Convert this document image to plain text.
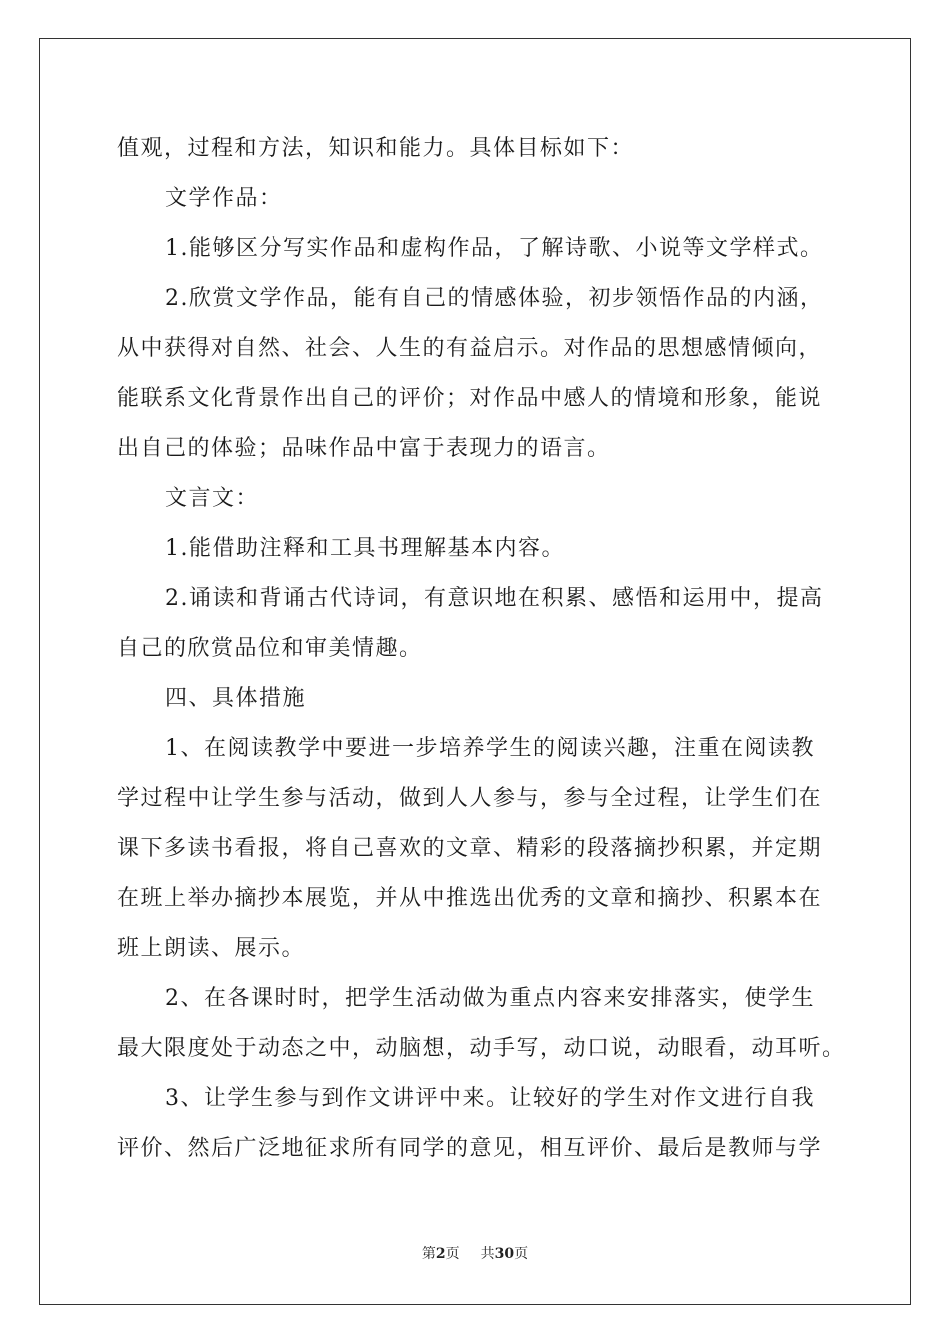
值观，过程和方法，知识和能力。具体目标如下：
文学作品：
1.能够区分写实作品和虚构作品，了解诗歌、小说等文学样式。
2.欣赏文学作品，能有自己的情感体验，初步领悟作品的内涵，
从中获得对自然、社会、人生的有益启示。对作品的思想感情倾向，
能联系文化背景作出自己的评价；对作品中感人的情境和形象，能说
出自己的体验；品味作品中富于表现力的语言。
文言文：
1.能借助注释和工具书理解基本内容。
2.诵读和背诵古代诗词，有意识地在积累、感悟和运用中，提高
自己的欣赏品位和审美情趣。
四、具体措施
1、在阅读教学中要进一步培养学生的阅读兴趣，注重在阅读教
学过程中让学生参与活动，做到人人参与，参与全过程，让学生们在
课下多读书看报，将自己喜欢的文章、精彩的段落摘抄积累，并定期
在班上举办摘抄本展览，并从中推选出优秀的文章和摘抄、积累本在
班上朗读、展示。
2、在各课时时，把学生活动做为重点内容来安排落实，使学生
最大限度处于动态之中，动脑想，动手写，动口说，动眼看，动耳听。
3、让学生参与到作文讲评中来。让较好的学生对作文进行自我
评价、然后广泛地征求所有同学的意见，相互评价、最后是教师与学
第2页 共30页
